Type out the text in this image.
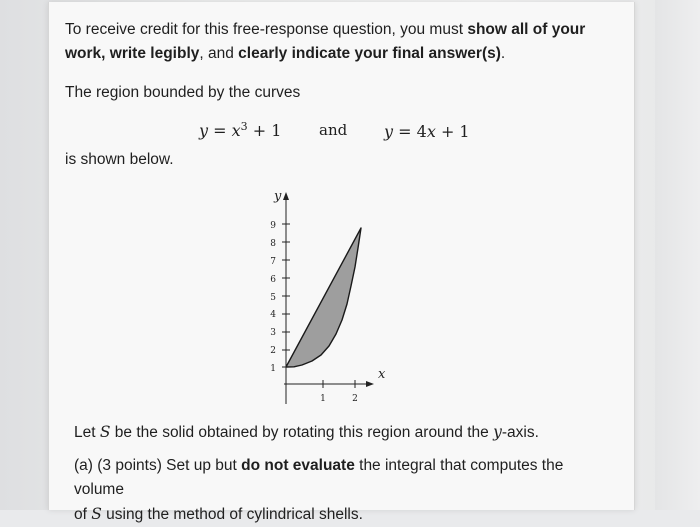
To receive credit for this free-response question, you must show all of your
work, write legibly, and clearly indicate your final answer(s).

The region bounded by the curves

$y = x^3 + 1$	and y = 4x + 1

is shown below.

1
2
3
4
5
6
7
8
9
1	2
y
x

Let S be the solid obtained by rotating this region around the y-axis.

(a) (3 points) Set up but do not evaluate the integral that computes the volume
of S using the method of cylindrical shells.
